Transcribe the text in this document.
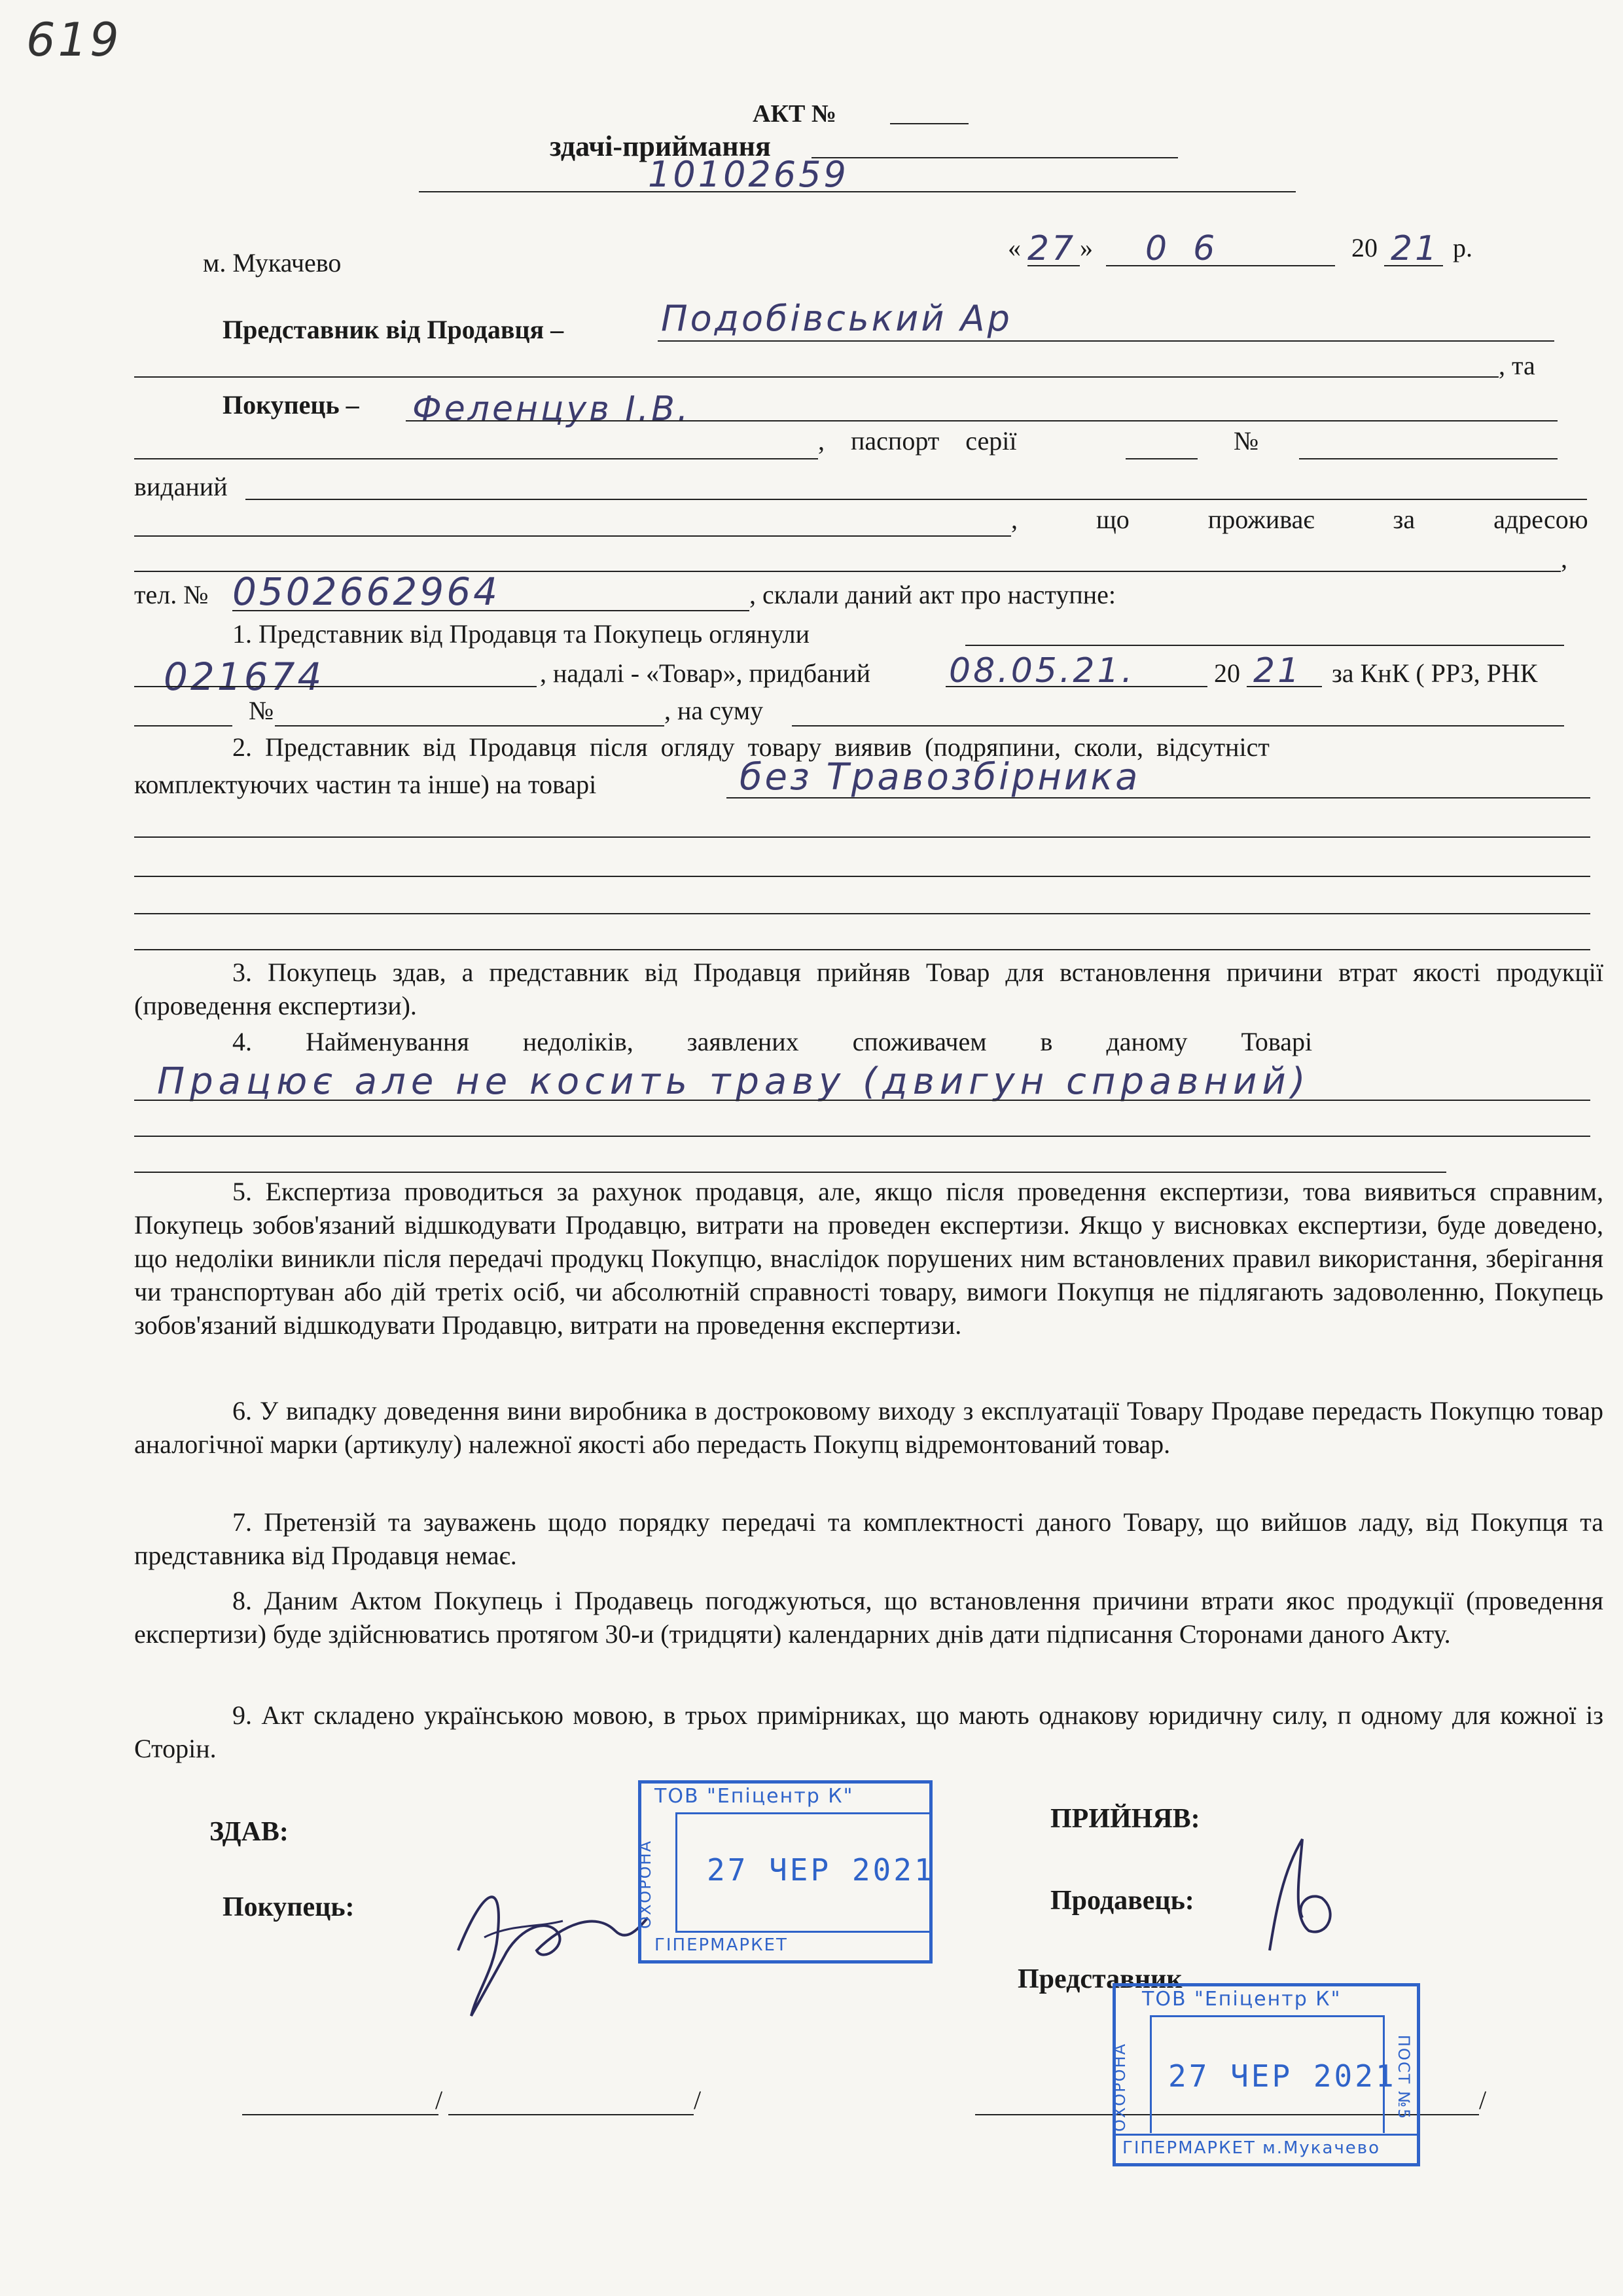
619
АКТ №
здачі-приймання
10102659
м. Мукачево
« 27 » 06	20 21 р.
Представник від Продавця –	Подобівський Ар
, та
Покупець – Феленцув І.В.
, паспорт серії	№
виданий
, що проживає за адресою
,
тел. № 0502662964	, склали даний акт про наступне:
1. Представник від Продавця та Покупець оглянули
021674	, надалі - «Товар», придбаний 08.05.21.	20 21 за КнК ( РРЗ, РНК
№	, на суму
2. Представник від Продавця після огляду товару виявив (подряпини, сколи, відсутніст
комплектуючих частин та інше) на товарі	без Травозбірника
3. Покупець здав, а представник від Продавця прийняв Товар для встановлення причини втрат якості продукції (проведення експертизи).
4. Найменування недоліків, заявлених споживачем в даному Товарі
Працює але не косить траву (двигун справний)
5. Експертиза проводиться за рахунок продавця, але, якщо після проведення експертизи, това виявиться справним, Покупець зобов'язаний відшкодувати Продавцю, витрати на проведен експертизи. Якщо у висновках експертизи, буде доведено, що недоліки виникли після передачі продукц Покупцю, внаслідок порушених ним встановлених правил використання, зберігання чи транспортуван або дій третіх осіб, чи абсолютній справності товару, вимоги Покупця не підлягають задоволенню, Покупець зобов'язаний відшкодувати Продавцю, витрати на проведення експертизи.
6. У випадку доведення вини виробника в достроковому виходу з експлуатації Товару Продаве передасть Покупцю товар аналогічної марки (артикулу) належної якості або передасть Покупц відремонтований товар.
7. Претензій та зауважень щодо порядку передачі та комплектності даного Товару, що вийшов ладу, від Покупця та представника від Продавця немає.
8. Даним Актом Покупець і Продавець погоджуються, що встановлення причини втрати якос продукції (проведення експертизи) буде здійснюватись протягом 30-и (тридцяти) календарних днів дати підписання Сторонами даного Акту.
9. Акт складено українською мовою, в трьох примірниках, що мають однакову юридичну силу, п одному для кожної із Сторін.
ЗДАВ:
Покупець:
ПРИЙНЯВ:
Продавець:
Представник
/	/	/
ТОВ "Епіцентр К"
ОХОРОНА 27 ЧЕР 2021
ГІПЕРМАРКЕТ
ТОВ "Епіцентр К"
ОХОРОНА	ПОСТ №5
27 ЧЕР 2021
ГІПЕРМАРКЕТ м.Мукачево
